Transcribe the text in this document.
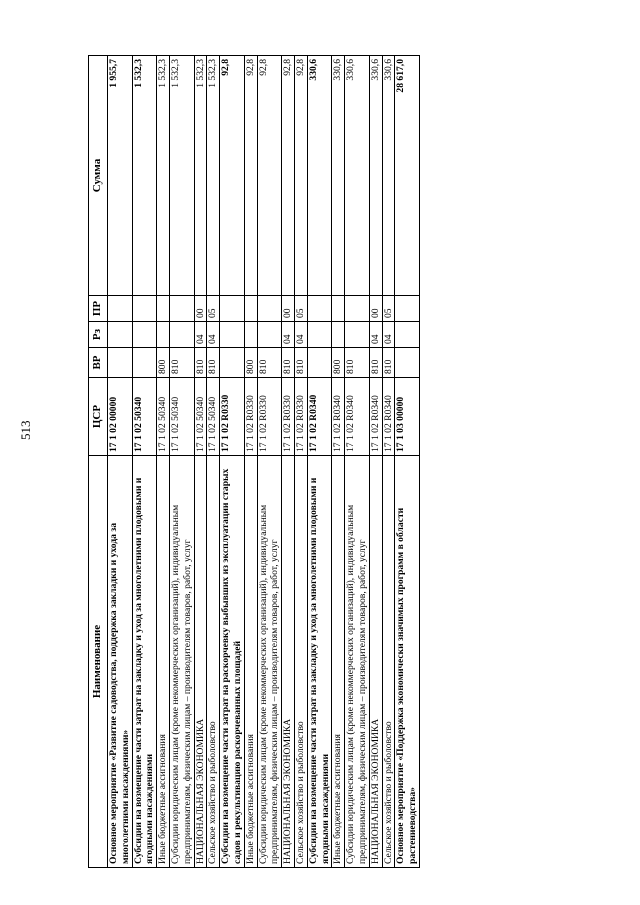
513
Наименование	ЦСР	ВР	Рз	ПР	Сумма
Основное мероприятие «Развитие садоводства, поддержка закладки и ухода за многолетними насаждениями»	17 1 02 00000				1 955,7
Субсидии на возмещение части затрат на закладку и уход за многолетними плодовыми и ягодными насаждениями	17 1 02 50340				1 532,3
Иные бюджетные ассигнования	17 1 02 50340	800			1 532,3
Субсидии юридическим лицам (кроме некоммерческих организаций), индивидуальным предпринимателям, физическим лицам – производителям товаров, работ, услуг	17 1 02 50340	810			1 532,3
НАЦИОНАЛЬНАЯ ЭКОНОМИКА	17 1 02 50340	810	04	00	1 532,3
Сельское хозяйство и рыболовство	17 1 02 50340	810	04	05	1 532,3
Субсидии на возмещение части затрат на раскорчевку выбывших из эксплуатации старых садов и рекультивацию раскорчеванных площадей	17 1 02 R0330				92,8
Иные бюджетные ассигнования	17 1 02 R0330	800			92,8
Субсидии юридическим лицам (кроме некоммерческих организаций), индивидуальным предпринимателям, физическим лицам – производителям товаров, работ, услуг	17 1 02 R0330	810			92,8
НАЦИОНАЛЬНАЯ ЭКОНОМИКА	17 1 02 R0330	810	04	00	92,8
Сельское хозяйство и рыболовство	17 1 02 R0330	810	04	05	92,8
Субсидии на возмещение части затрат на закладку и уход за многолетними плодовыми и ягодными насаждениями	17 1 02 R0340				330,6
Иные бюджетные ассигнования	17 1 02 R0340	800			330,6
Субсидии юридическим лицам (кроме некоммерческих организаций), индивидуальным предпринимателям, физическим лицам – производителям товаров, работ, услуг	17 1 02 R0340	810			330,6
НАЦИОНАЛЬНАЯ ЭКОНОМИКА	17 1 02 R0340	810	04	00	330,6
Сельское хозяйство и рыболовство	17 1 02 R0340	810	04	05	330,6
Основное мероприятие «Поддержка экономически значимых программ в области растениеводства»	17 1 03 00000				28 617,0
